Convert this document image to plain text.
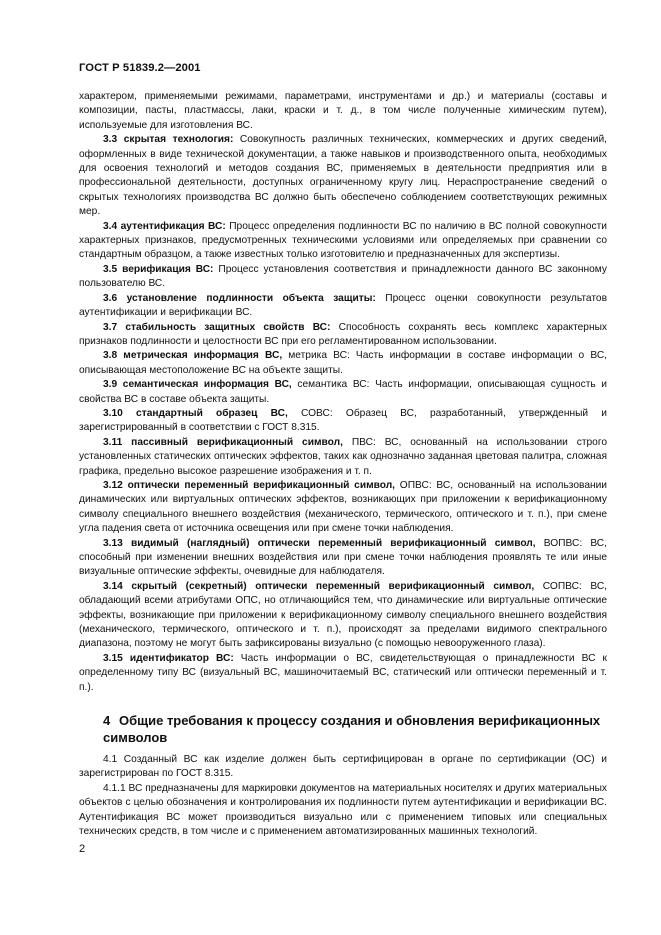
ГОСТ Р 51839.2—2001

характером, применяемыми режимами, параметрами, инструментами и др.) и материалы (составы и композиции, пасты, пластмассы, лаки, краски и т. д., в том числе полученные химическим путем), используемые для изготовления ВС.

3.3 скрытая технология: Совокупность различных технических, коммерческих и других сведений, оформленных в виде технической документации, а также навыков и производственного опыта, необходимых для освоения технологий и методов создания ВС, применяемых в деятельности предприятия или в профессиональной деятельности, доступных ограниченному кругу лиц. Нераспространение сведений о скрытых технологиях производства ВС должно быть обеспечено соблюдением соответствующих режимных мер.

3.4 аутентификация ВС: Процесс определения подлинности ВС по наличию в ВС полной совокупности характерных признаков, предусмотренных техническими условиями или определяемых при сравнении со стандартным образцом, а также известных только изготовителю и предназначенных для экспертизы.

3.5 верификация ВС: Процесс установления соответствия и принадлежности данного ВС законному пользователю ВС.

3.6 установление подлинности объекта защиты: Процесс оценки совокупности результатов аутентификации и верификации ВС.

3.7 стабильность защитных свойств ВС: Способность сохранять весь комплекс характерных признаков подлинности и целостности ВС при его регламентированном использовании.

3.8 метрическая информация ВС, метрика ВС: Часть информации в составе информации о ВС, описывающая местоположение ВС на объекте защиты.

3.9 семантическая информация ВС, семантика ВС: Часть информации, описывающая сущность и свойства ВС в составе объекта защиты.

3.10 стандартный образец ВС, СОВС: Образец ВС, разработанный, утвержденный и зарегистрированный в соответствии с ГОСТ 8.315.

3.11 пассивный верификационный символ, ПВС: ВС, основанный на использовании строго установленных статических оптических эффектов, таких как однозначно заданная цветовая палитра, сложная графика, предельно высокое разрешение изображения и т. п.

3.12 оптически переменный верификационный символ, ОПВС: ВС, основанный на использовании динамических или виртуальных оптических эффектов, возникающих при приложении к верификационному символу специального внешнего воздействия (механического, термического, оптического и т. п.), при смене угла падения света от источника освещения или при смене точки наблюдения.

3.13 видимый (наглядный) оптически переменный верификационный символ, ВОПВС: ВС, способный при изменении внешних воздействия или при смене точки наблюдения проявлять те или иные визуальные оптические эффекты, очевидные для наблюдателя.

3.14 скрытый (секретный) оптически переменный верификационный символ, СОПВС: ВС, обладающий всеми атрибутами ОПС, но отличающийся тем, что динамические или виртуальные оптические эффекты, возникающие при приложении к верификационному символу специального внешнего воздействия (механического, термического, оптического и т. п.), происходят за пределами видимого спектрального диапазона, поэтому не могут быть зафиксированы визуально (с помощью невооруженного глаза).

3.15 идентификатор ВС: Часть информации о ВС, свидетельствующая о принадлежности ВС к определенному типу ВС (визуальный ВС, машиночитаемый ВС, статический или оптически переменный и т. п.).

4 Общие требования к процессу создания и обновления верификационных символов

4.1 Созданный ВС как изделие должен быть сертифицирован в органе по сертификации (ОС) и зарегистрирован по ГОСТ 8.315.

4.1.1 ВС предназначены для маркировки документов на материальных носителях и других материальных объектов с целью обозначения и контролирования их подлинности путем аутентификации и верификации ВС. Аутентификация ВС может производиться визуально или с применением типовых или специальных технических средств, в том числе и с применением автоматизированных машинных технологий.

2
